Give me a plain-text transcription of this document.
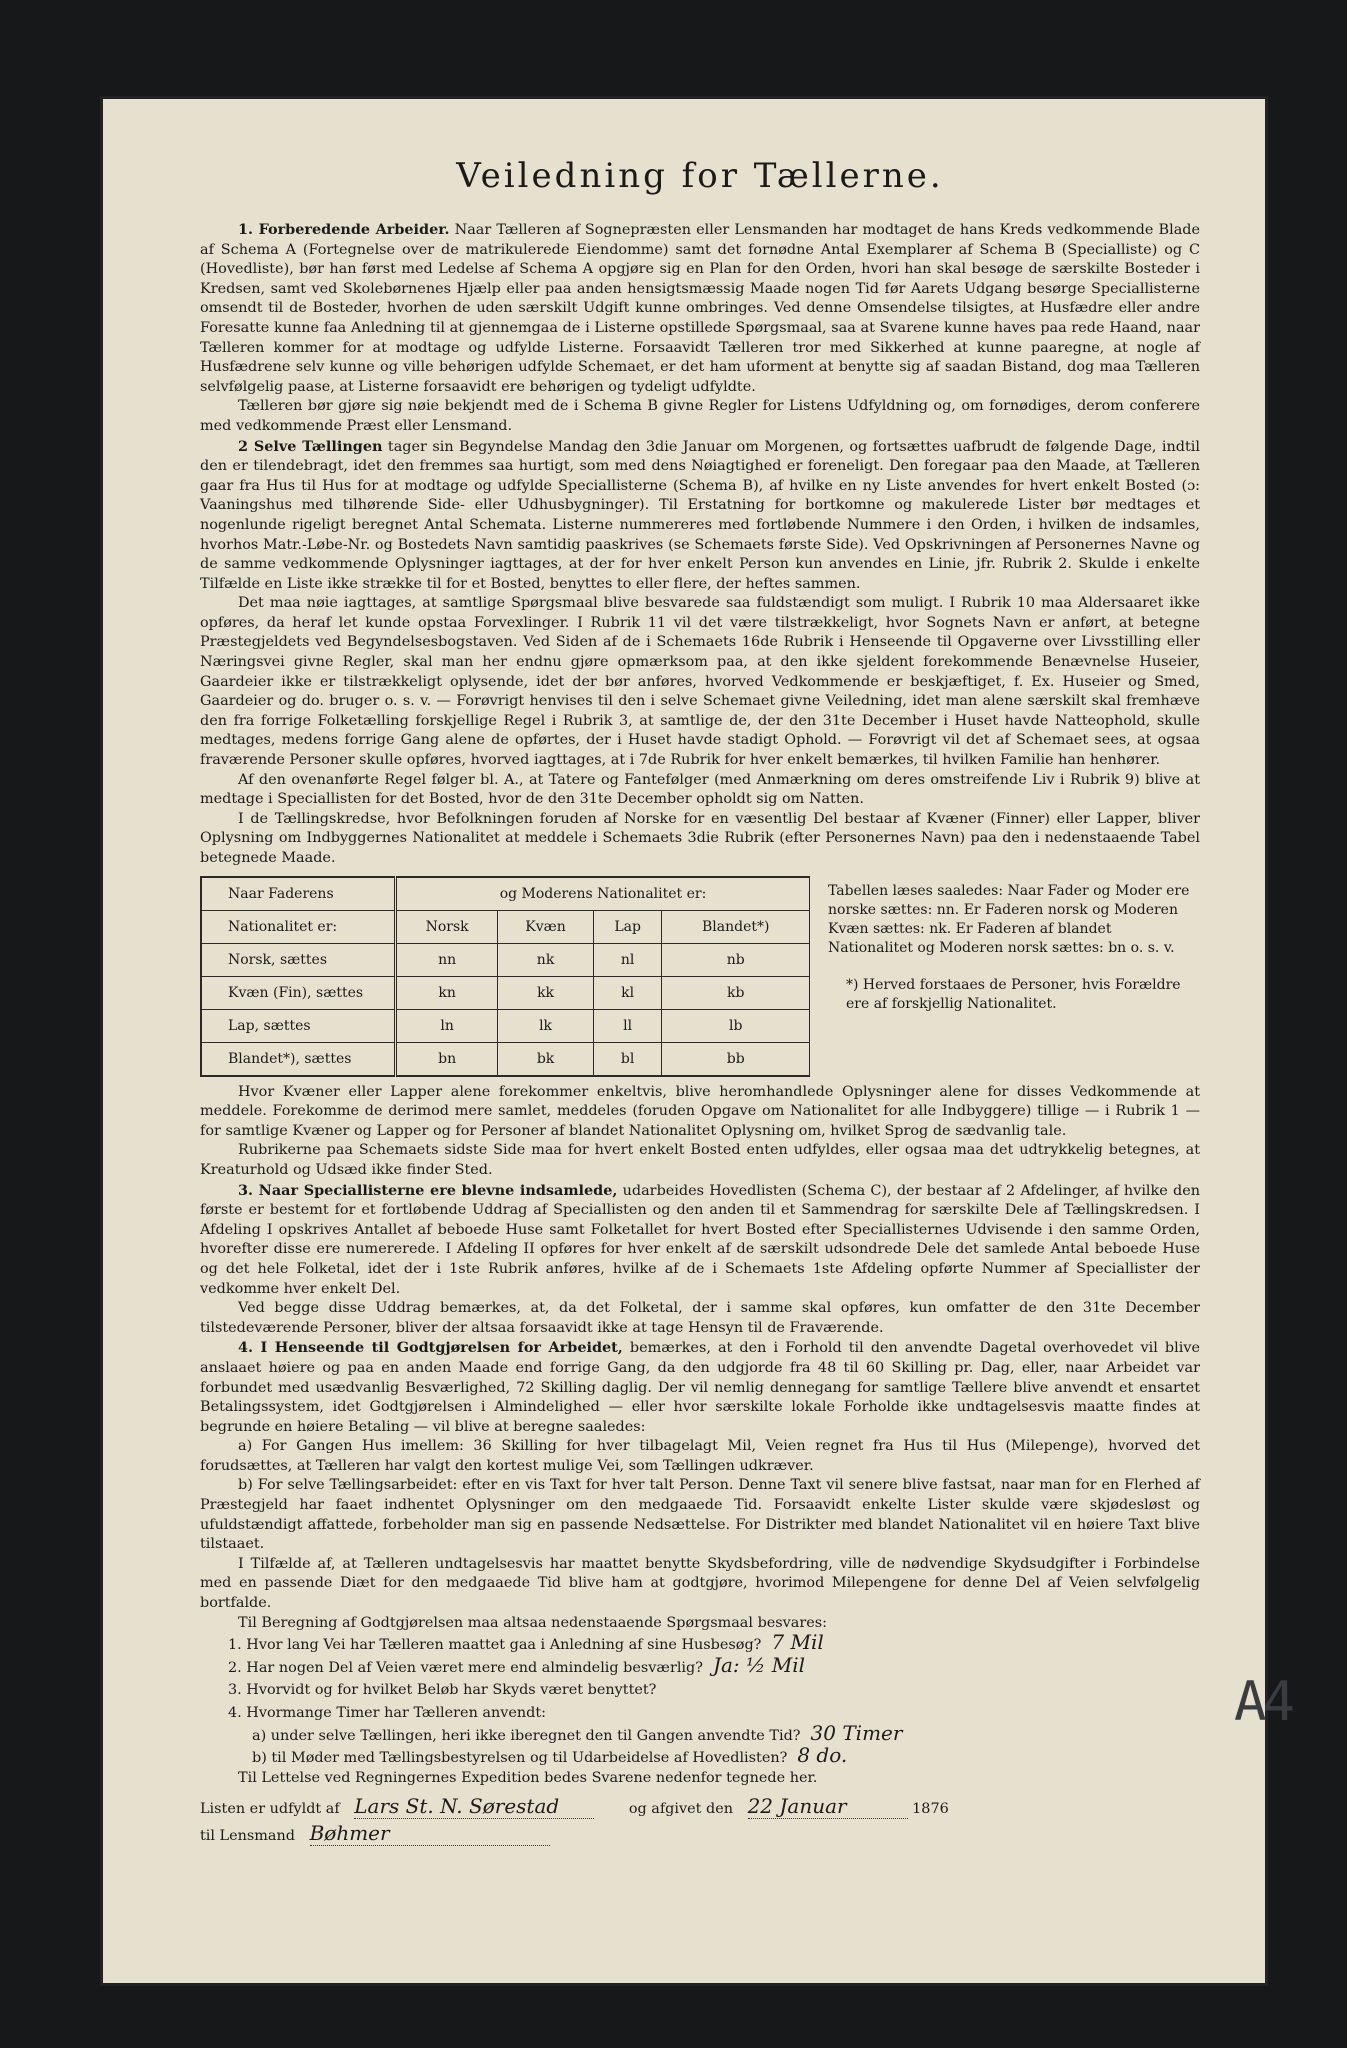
Veiledning for Tællerne.

1. Forberedende Arbeider. Naar Tælleren af Sognepræsten eller Lensmanden har modtaget de hans Kreds vedkommende Blade af Schema A (Fortegnelse over de matrikulerede Eiendomme) samt det fornødne Antal Exemplarer af Schema B (Specialliste) og C (Hovedliste), bør han først med Ledelse af Schema A opgjøre sig en Plan for den Orden, hvori han skal besøge de særskilte Bosteder i Kredsen, samt ved Skolebørnenes Hjælp eller paa anden hensigtsmæssig Maade nogen Tid før Aarets Udgang besørge Speciallisterne omsendt til de Bosteder, hvorhen de uden særskilt Udgift kunne ombringes. Ved denne Omsendelse tilsigtes, at Husfædre eller andre Foresatte kunne faa Anledning til at gjennemgaa de i Listerne opstillede Spørgsmaal, saa at Svarene kunne haves paa rede Haand, naar Tælleren kommer for at modtage og udfylde Listerne. Forsaavidt Tælleren tror med Sikkerhed at kunne paaregne, at nogle af Husfædrene selv kunne og ville behørigen udfylde Schemaet, er det ham uforment at benytte sig af saadan Bistand, dog maa Tælleren selvfølgelig paase, at Listerne forsaavidt ere behørigen og tydeligt udfyldte.

Tælleren bør gjøre sig nøie bekjendt med de i Schema B givne Regler for Listens Udfyldning og, om fornødiges, derom conferere med vedkommende Præst eller Lensmand.

2 Selve Tællingen tager sin Begyndelse Mandag den 3die Januar om Morgenen, og fortsættes uafbrudt de følgende Dage, indtil den er tilendebragt, idet den fremmes saa hurtigt, som med dens Nøiagtighed er foreneligt. Den foregaar paa den Maade, at Tælleren gaar fra Hus til Hus for at modtage og udfylde Speciallisterne (Schema B), af hvilke en ny Liste anvendes for hvert enkelt Bosted (ɔ: Vaaningshus med tilhørende Side- eller Udhusbygninger). Til Erstatning for bortkomne og makulerede Lister bør medtages et nogenlunde rigeligt beregnet Antal Schemata. Listerne nummereres med fortløbende Nummere i den Orden, i hvilken de indsamles, hvorhos Matr.-Løbe-Nr. og Bostedets Navn samtidig paaskrives (se Schemaets første Side). Ved Opskrivningen af Personernes Navne og de samme vedkommende Oplysninger iagttages, at der for hver enkelt Person kun anvendes en Linie, jfr. Rubrik 2. Skulde i enkelte Tilfælde en Liste ikke strække til for et Bosted, benyttes to eller flere, der heftes sammen.

Det maa nøie iagttages, at samtlige Spørgsmaal blive besvarede saa fuldstændigt som muligt. I Rubrik 10 maa Aldersaaret ikke opføres, da heraf let kunde opstaa Forvexlinger. I Rubrik 11 vil det være tilstrækkeligt, hvor Sognets Navn er anført, at betegne Præstegjeldets ved Begyndelsesbogstaven. Ved Siden af de i Schemaets 16de Rubrik i Henseende til Opgaverne over Livsstilling eller Næringsvei givne Regler, skal man her endnu gjøre opmærksom paa, at den ikke sjeldent forekommende Benævnelse Huseier, Gaardeier ikke er tilstrækkeligt oplysende, idet der bør anføres, hvorved Vedkommende er beskjæftiget, f. Ex. Huseier og Smed, Gaardeier og do. bruger o. s. v. — Forøvrigt henvises til den i selve Schemaet givne Veiledning, idet man alene særskilt skal fremhæve den fra forrige Folketælling forskjellige Regel i Rubrik 3, at samtlige de, der den 31te December i Huset havde Natteophold, skulle medtages, medens forrige Gang alene de opførtes, der i Huset havde stadigt Ophold. — Forøvrigt vil det af Schemaet sees, at ogsaa fraværende Personer skulle opføres, hvorved iagttages, at i 7de Rubrik for hver enkelt bemærkes, til hvilken Familie han henhører.

Af den ovenanførte Regel følger bl. A., at Tatere og Fantefølger (med Anmærkning om deres omstreifende Liv i Rubrik 9) blive at medtage i Speciallisten for det Bosted, hvor de den 31te December opholdt sig om Natten.

I de Tællingskredse, hvor Befolkningen foruden af Norske for en væsentlig Del bestaar af Kvæner (Finner) eller Lapper, bliver Oplysning om Indbyggernes Nationalitet at meddele i Schemaets 3die Rubrik (efter Personernes Navn) paa den i nedenstaaende Tabel betegnede Maade.

Naar Faderens	og Moderens Nationalitet er:			
Nationalitet er:	Norsk	Kvæn	Lap	Blandet*)
Norsk, sættes	nn	nk	nl	nb
Kvæn (Fin), sættes	kn	kk	kl	kb
Lap, sættes	ln	lk	ll	lb
Blandet*), sættes	bn	bk	bl	bb
Tabellen læses saaledes: Naar Fader og Moder ere norske sættes: nn. Er Faderen norsk og Moderen Kvæn sættes: nk. Er Faderen af blandet Nationalitet og Moderen norsk sættes: bn o. s. v.
*) Herved forstaaes de Personer, hvis Forældre ere af forskjellig Nationalitet.

Hvor Kvæner eller Lapper alene forekommer enkeltvis, blive heromhandlede Oplysninger alene for disses Vedkommende at meddele. Forekomme de derimod mere samlet, meddeles (foruden Opgave om Nationalitet for alle Indbyggere) tillige — i Rubrik 1 — for samtlige Kvæner og Lapper og for Personer af blandet Nationalitet Oplysning om, hvilket Sprog de sædvanlig tale.

Rubrikerne paa Schemaets sidste Side maa for hvert enkelt Bosted enten udfyldes, eller ogsaa maa det udtrykkelig betegnes, at Kreaturhold og Udsæd ikke finder Sted.

3. Naar Speciallisterne ere blevne indsamlede, udarbeides Hovedlisten (Schema C), der bestaar af 2 Afdelinger, af hvilke den første er bestemt for et fortløbende Uddrag af Speciallisten og den anden til et Sammendrag for særskilte Dele af Tællingskredsen. I Afdeling I opskrives Antallet af beboede Huse samt Folketallet for hvert Bosted efter Speciallisternes Udvisende i den samme Orden, hvorefter disse ere numererede. I Afdeling II opføres for hver enkelt af de særskilt udsondrede Dele det samlede Antal beboede Huse og det hele Folketal, idet der i 1ste Rubrik anføres, hvilke af de i Schemaets 1ste Afdeling opførte Nummer af Speciallister der vedkomme hver enkelt Del.

Ved begge disse Uddrag bemærkes, at, da det Folketal, der i samme skal opføres, kun omfatter de den 31te December tilstedeværende Personer, bliver der altsaa forsaavidt ikke at tage Hensyn til de Fraværende.

4. I Henseende til Godtgjørelsen for Arbeidet, bemærkes, at den i Forhold til den anvendte Dagetal overhovedet vil blive anslaaet høiere og paa en anden Maade end forrige Gang, da den udgjorde fra 48 til 60 Skilling pr. Dag, eller, naar Arbeidet var forbundet med usædvanlig Besværlighed, 72 Skilling daglig. Der vil nemlig dennegang for samtlige Tællere blive anvendt et ensartet Betalingssystem, idet Godtgjørelsen i Almindelighed — eller hvor særskilte lokale Forholde ikke undtagelsesvis maatte findes at begrunde en høiere Betaling — vil blive at beregne saaledes:

a) For Gangen Hus imellem: 36 Skilling for hver tilbagelagt Mil, Veien regnet fra Hus til Hus (Milepenge), hvorved det forudsættes, at Tælleren har valgt den kortest mulige Vei, som Tællingen udkræver.

b) For selve Tællingsarbeidet: efter en vis Taxt for hver talt Person. Denne Taxt vil senere blive fastsat, naar man for en Flerhed af Præstegjeld har faaet indhentet Oplysninger om den medgaaede Tid. Forsaavidt enkelte Lister skulde være skjødesløst og ufuldstændigt affattede, forbeholder man sig en passende Nedsættelse. For Distrikter med blandet Nationalitet vil en høiere Taxt blive tilstaaet.

I Tilfælde af, at Tælleren undtagelsesvis har maattet benytte Skydsbefordring, ville de nødvendige Skydsudgifter i Forbindelse med en passende Diæt for den medgaaede Tid blive ham at godtgjøre, hvorimod Milepengene for denne Del af Veien selvfølgelig bortfalde.

Til Beregning af Godtgjørelsen maa altsaa nedenstaaende Spørgsmaal besvares:

1. Hvor lang Vei har Tælleren maattet gaa i Anledning af sine Husbesøg? 7 Mil
2. Har nogen Del af Veien været mere end almindelig besværlig? Ja: ½ Mil
3. Hvorvidt og for hvilket Beløb har Skyds været benyttet?
4. Hvormange Timer har Tælleren anvendt:
a) under selve Tællingen, heri ikke iberegnet den til Gangen anvendte Tid? 30 Timer
b) til Møder med Tællingsbestyrelsen og til Udarbeidelse af Hovedlisten? 8 do.

Til Lettelse ved Regningernes Expedition bedes Svarene nedenfor tegnede her.

Listen er udfyldt af Lars St. N. Sørestad	og afgivet den 22 Januar	1876
til Lensmand Bøhmer
A4
